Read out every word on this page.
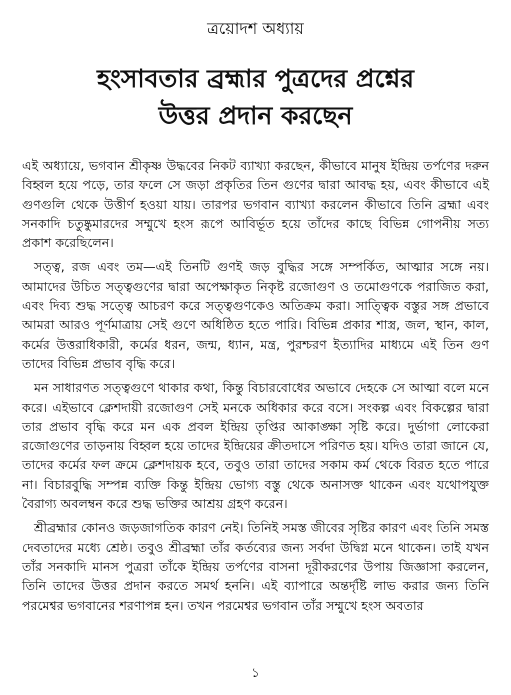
ত্রয়োদশ অধ্যায়
হংসাবতার ব্রহ্মার পুত্রদের প্রশ্নের
উত্তর প্রদান করছেন

এই অধ্যায়ে, ভগবান শ্রীকৃষ্ণ উদ্ধবের নিকট ব্যাখ্যা করছেন, কীভাবে মানুষ ইন্দ্রিয় তর্পণের দরুন বিহ্বল হয়ে পড়ে, তার ফলে সে জড়া প্রকৃতির তিন গুণের দ্বারা আবদ্ধ হয়, এবং কীভাবে এই গুণগুলি থেকে উত্তীর্ণ হওয়া যায়। তারপর ভগবান ব্যাখ্যা করলেন কীভাবে তিনি ব্রহ্মা এবং সনকাদি চতুষ্কুমারদের সম্মুখে হংস রূপে আবির্ভূত হয়ে তাঁদের কাছে বিভিন্ন গোপনীয় সত্য প্রকাশ করেছিলেন।

সত্ত্ব, রজ এবং তম—এই তিনটি গুণই জড় বুদ্ধির সঙ্গে সম্পর্কিত, আত্মার সঙ্গে নয়। আমাদের উচিত সত্ত্বগুণের দ্বারা অপেক্ষাকৃত নিকৃষ্ট রজোগুণ ও তমোগুণকে পরাজিত করা, এবং দিব্য শুদ্ধ সত্ত্বে আচরণ করে সত্ত্বগুণকেও অতিক্রম করা। সাত্ত্বিক বস্তুর সঙ্গ প্রভাবে আমরা আরও পূর্ণমাত্রায় সেই গুণে অধিষ্ঠিত হতে পারি। বিভিন্ন প্রকার শাস্ত্র, জল, স্থান, কাল, কর্মের উত্তরাধিকারী, কর্মের ধরন, জন্ম, ধ্যান, মন্ত্র, পুরশ্চরণ ইত্যাদির মাধ্যমে এই তিন গুণ তাদের বিভিন্ন প্রভাব বৃদ্ধি করে।

মন সাধারণত সত্ত্বগুণে থাকার কথা, কিন্তু বিচারবোধের অভাবে দেহকে সে আত্মা বলে মনে করে। এইভাবে ক্লেশদায়ী রজোগুণ সেই মনকে অধিকার করে বসে। সংকল্প এবং বিকল্পের দ্বারা তার প্রভাব বৃদ্ধি করে মন এক প্রবল ইন্দ্রিয় তৃপ্তির আকাঙ্ক্ষা সৃষ্টি করে। দুর্ভাগা লোকেরা রজোগুণের তাড়নায় বিহ্বল হয়ে তাদের ইন্দ্রিয়ের ক্রীতদাসে পরিণত হয়। যদিও তারা জানে যে, তাদের কর্মের ফল ক্রমে ক্লেশদায়ক হবে, তবুও তারা তাদের সকাম কর্ম থেকে বিরত হতে পারে না। বিচারবুদ্ধি সম্পন্ন ব্যক্তি কিন্তু ইন্দ্রিয় ভোগ্য বস্তু থেকে অনাসক্ত থাকেন এবং যথোপযুক্ত বৈরাগ্য অবলম্বন করে শুদ্ধ ভক্তির আশ্রয় গ্রহণ করেন।

শ্রীব্রহ্মার কোনও জড়জাগতিক কারণ নেই। তিনিই সমস্ত জীবের সৃষ্টির কারণ এবং তিনি সমস্ত দেবতাদের মধ্যে শ্রেষ্ঠ। তবুও শ্রীব্রহ্মা তাঁর কর্তব্যের জন্য সর্বদা উদ্বিগ্ন মনে থাকেন। তাই যখন তাঁর সনকাদি মানস পুত্ররা তাঁকে ইন্দ্রিয় তর্পণের বাসনা দূরীকরণের উপায় জিজ্ঞাসা করলেন, তিনি তাদের উত্তর প্রদান করতে সমর্থ হননি। এই ব্যাপারে অন্তর্দৃষ্টি লাভ করার জন্য তিনি পরমেশ্বর ভগবানের শরণাপন্ন হন। তখন পরমেশ্বর ভগবান তাঁর সম্মুখে হংস অবতার

১
